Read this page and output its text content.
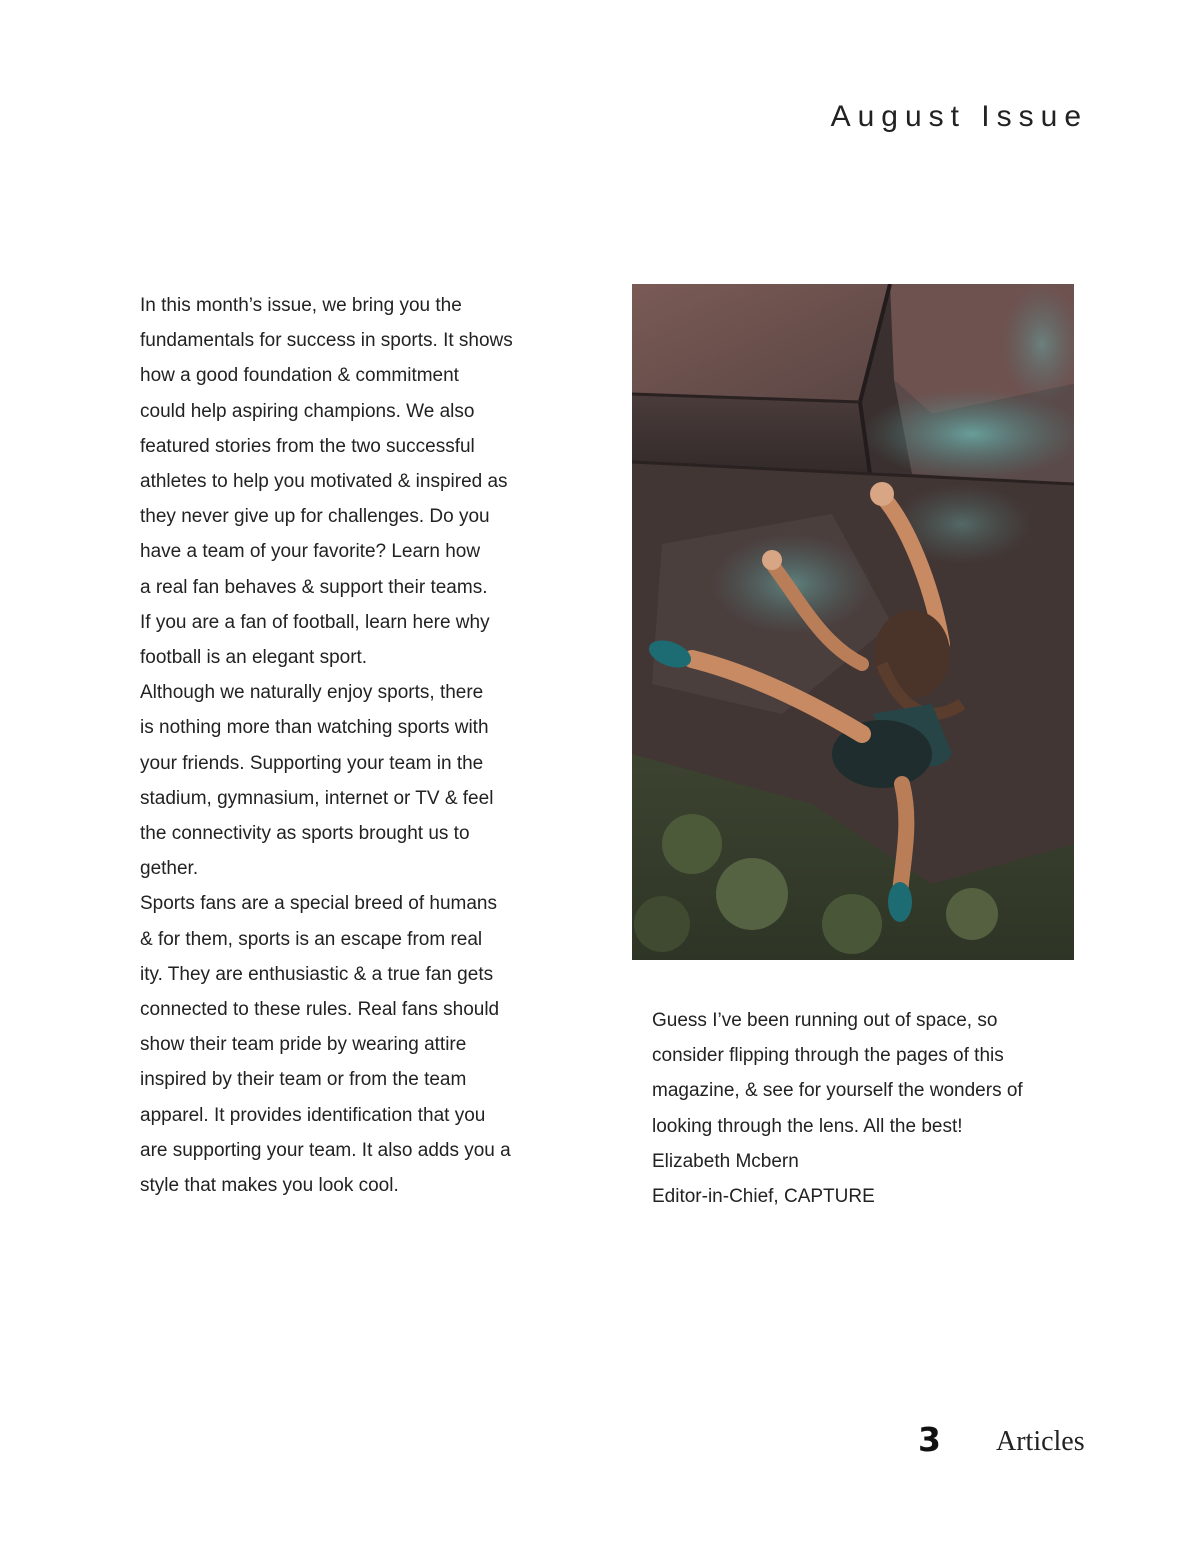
August Issue
In this month’s issue, we bring you the
fundamentals for success in sports. It shows
how a good foundation & commitment
could help aspiring champions. We also
featured stories from the two successful
athletes to help you motivated & inspired as
they never give up for challenges. Do you
have a team of your favorite? Learn how
a real fan behaves & support their teams.
If you are a fan of football, learn here why
football is an elegant sport.
Although we naturally enjoy sports, there
is nothing more than watching sports with
your friends. Supporting your team in the
stadium, gymnasium, internet or TV & feel
the connectivity as sports brought us to
gether.
Sports fans are a special breed of humans
& for them, sports is an escape from real
ity. They are enthusiastic & a true fan gets
connected to these rules. Real fans should
show their team pride by wearing attire
inspired by their team or from the team
apparel. It provides identification that you
are supporting your team. It also adds you a
style that makes you look cool.
Guess I’ve been running out of space, so
consider flipping through the pages of this
magazine, & see for yourself the wonders of
looking through the lens. All the best!
Elizabeth Mcbern
Editor-in-Chief, CAPTURE
3 Articles
